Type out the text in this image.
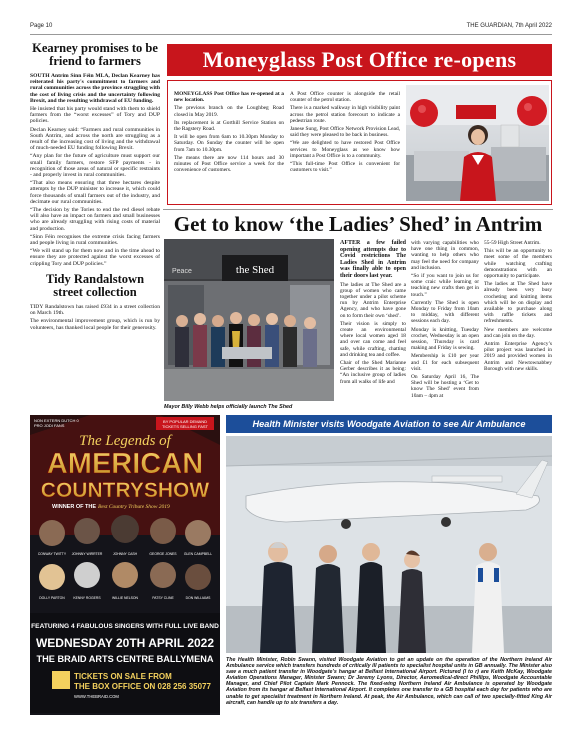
Page 10	THE GUARDIAN, 7th April 2022
Kearney promises to be friend to farmers

SOUTH Antrim Sinn Féin MLA, Declan Kearney has reiterated his party's commitment to farmers and rural communities across the province struggling with the cost of living crisis and the uncertainty following Brexit, and the resulting withdrawal of EU funding.

He insisted that his party would stand with them to shield farmers from the “worst excesses” of Tory and DUP policies.

Declan Kearney said: “Farmers and rural communities in South Antrim, and across the north are struggling as a result of the increasing cost of living and the withdrawal of much-needed EU funding following Brexit.

“Any plan for the future of agriculture must support our small family farmers, restore SFP payments - in recognition of those areas of natural or specific restraints - and properly invest in rural communities.

“That also means ensuring that three hectares despite attempts by the DUP minister to increase it, which could force thousands of small farmers out of the industry, and decimate our rural communities.

“The decision by the Tories to end the red diesel rebate will also have an impact on farmers and small businesses who are already struggling with rising costs of material and production.

“Sinn Féin recognises the extreme crisis facing farmers and people living in rural communities.

“We will stand up for them now and in the time ahead to ensure they are protected against the worst excesses of crippling Tory and DUP policies.”

Tidy Randalstown street collection

TIDY Randalstown has raised £934 in a street collection on March 19th.

The environmental improvement group, which is run by volunteers, has thanked local people for their generosity.

Moneyglass Post Office re-opens

MONEYGLASS Post Office has re-opened at a new location.

The previous branch on the Loughbeg Road closed in May 2019.

Its replacement is at Gorthill Service Station on the Ragstery Road.

It will be open from 6am to 10.30pm Monday to Saturday. On Sunday the counter will be open from 7am to 10.30pm.

The means there are now 114 hours and 30 minutes of Post Office service a week for the convenience of customers.

A Post Office counter is alongside the retail counter of the petrol station.

There is a marked walkway in high visibility paint across the petrol station forecourt to indicate a pedestrian route.

Janese Sung, Post Office Network Provision Lead, said they were pleased to be back in business.

“We are delighted to have restored Post Office services to Moneyglass as we know how important a Post Office is to a community.

“This full-time Post Office is convenient for customers to visit.”

Get to know ‘the Ladies’ Shed’ in Antrim
Peace	the Shed
Mayor Billy Webb helps officially launch The Shed

AFTER a few failed opening attempts due to Covid restrictions The Ladies Shed in Antrim was finally able to open their doors last year.

The ladies at The Shed are a group of women who came together under a pilot scheme run by Antrim Enterprise Agency, and who have gone on to form their own ‘shed’.

Their vision is simply to create an environmental where local women aged 18 and over can come and feel safe, while crafting, chatting and drinking tea and coffee.

Chair of the Shed Marianne Gerber describes it as being: “An inclusive group of ladies from all walks of life and

with varying capabilities who have one thing in common, wanting to help others who may feel the need for company and inclusion.

“So if you want to join us for some craic while learning or teaching new crafts then get in touch.”

Currently The Shed is open Monday to Friday from 10am to midday, with different sessions each day.

Monday is knitting, Tuesday crochet, Wednesday is an open session, Thursday is card making and Friday is sewing.

Membership is £10 per year and £1 for each subsequent visit.

On Saturday April 16, The Shed will be hosting a ‘Get to know The Shed’ event from 10am – 4pm at

55-59 High Street Antrim.

This will be an opportunity to meet some of the members while watching crafting demonstrations with an opportunity to participate.

The ladies at The Shed have already been very busy crocheting and knitting items which will be on display and available to purchase along with raffle tickets and refreshments.

New members are welcome and can join on the day.

Antrim Enterprise Agency’s pilot project was launched in 2019 and provided women in Antrim and Newtownabbey Borough with new skills.

NON EXTERN DUTCH 0
PRO JODI FANS
BY POPULAR DEMAND
TICKETS SELLING FAST
The Legends of
AMERICAN
COUNTRYSHOW
WINNER OF THE Best Country Tribute Show 2019
CONWAY TWITTY JOHNNY WIRRTER	JOHNNY CASH	GEORGE JONES GLEN CAMPBELL
DOLLY PARTON	KENNY ROGERS	WILLIE NELSON	PATSY CLINE	DON WILLIAMS
FEATURING 4 FABULOUS SINGERS WITH FULL LIVE BAND
WEDNESDAY 20TH APRIL 2022
THE BRAID ARTS CENTRE BALLYMENA
TICKETS ON SALE FROM
THE BOX OFFICE ON 028 256 35077
WWW.THEBRAID.COM
Health Minister visits Woodgate Aviation to see Air Ambulance
The Health Minister, Robin Swann, visited Woodgate Aviation to get an update on the operation of the Northern Ireland Air Ambulance service which transfers hundreds of critically ill patients to specialist hospital units in GB annually. The Minister also saw a much patient transfer in Woodgate’s hangar at Belfast International Airport. Pictured (l to r) are Keith McKay, Woodgate Aviation Operations Manager, Minister Swann; Dr Jeremy Lyons, Director, Aeromedical-direct Phillips, Woodgate Accountable Manager, and Chief Pilot Captain Mark Pennock. The fixed-wing Northern Ireland Air Ambulance is operated by Woodgate Aviation from its hangar at Belfast International Airport. It completes one transfer to a GB hospital each day for patients who are unable to get specialist treatment in Northern Ireland. At peak, the Air Ambulance, which can call of two specially-fitted King Air aircraft, can handle up to six transfers a day.
